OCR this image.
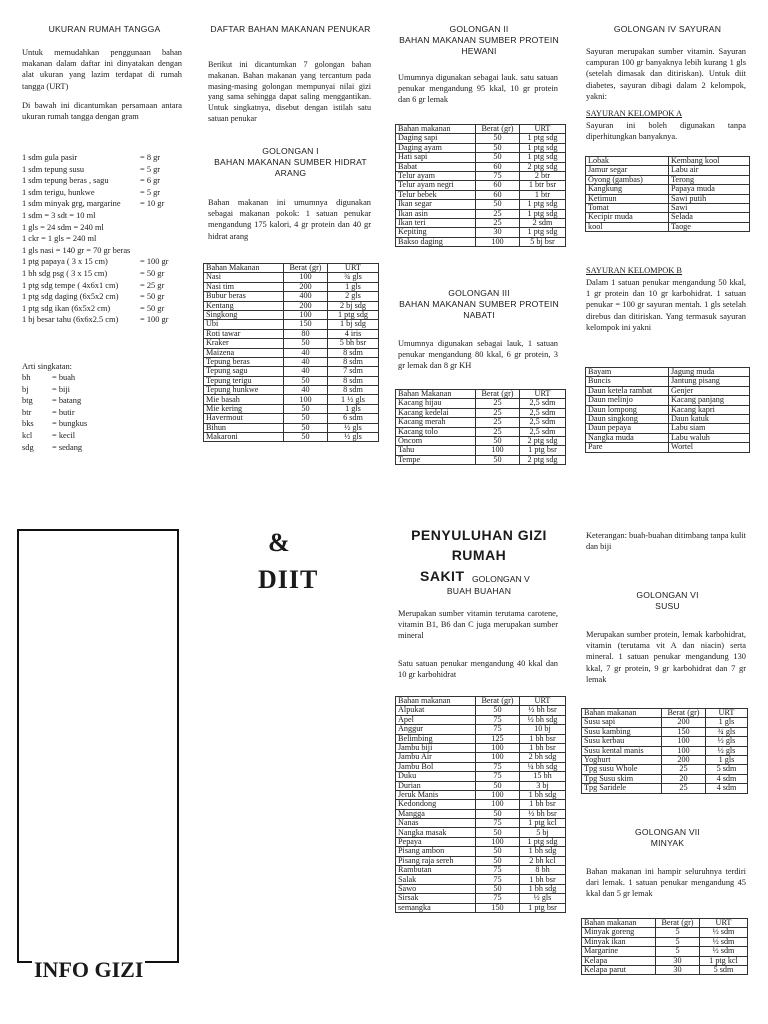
UKURAN RUMAH TANGGA
Untuk memudahkan penggunaan bahan makanan dalam daftar ini dinyatakan dengan alat ukuran yang lazim terdapat di rumah tangga (URT)
Di bawah ini dicantumkan persamaan antara ukuran rumah tangga dengan gram
1 sdm gula pasir	= 8 gr
1 sdm tepung susu	= 5 gr
1 sdm tepung beras , sagu	= 6 gr
1 sdm terigu, hunkwe	= 5 gr
1 sdm minyak grg, margarine	= 10 gr
1 sdm = 3 sdt = 10 ml
1 gls = 24 sdm = 240 ml
1 ckr = 1 gls = 240 ml
1 gls nasi = 140 gr = 70 gr beras
1 ptg papaya ( 3 x 15 cm)	= 100 gr
1 bh sdg psg ( 3 x 15 cm)	= 50 gr
1 ptg sdg tempe ( 4x6x1 cm)	= 25 gr
1 ptg sdg daging (6x5x2 cm)	= 50 gr
1 ptg sdg ikan (6x5x2 cm)	= 50 gr
1 bj besar tahu (6x6x2.5 cm)	= 100 gr
Arti singkatan:
bh	= buah
bj	= biji
btg	= batang
btr	= butir
bks	= bungkus
kcl	= kecil
sdg	= sedang
DAFTAR BAHAN MAKANAN PENUKAR
Berikut ini dicantumkan 7 golongan bahan makanan. Bahan makanan yang tercantum pada masing-masing golongan mempunyai nilai gizi yang sama sehingga dapat saling menggantikan. Untuk singkatnya, disebut dengan istilah satu satuan penukar
GOLONGAN I
BAHAN MAKANAN SUMBER HIDRAT ARANG
Bahan makanan ini umumnya digunakan sebagai makanan pokok: 1 satuan penukar mengandung 175 kalori, 4 gr protein dan 40 gr hidrat arang
Bahan Makanan	Berat (gr)	URT
Nasi	100	¾ gls
Nasi tim	200	1 gls
Bubur beras	400	2 gls
Kentang	200	2 bj sdg
Singkong	100	1 ptg sdg
Ubi	150	1 bj sdg
Roti tawar	80	4 iris
Kraker	50	5 bh bsr
Maizena	40	8 sdm
Tepung beras	40	8 sdm
Tepung sagu	40	7 sdm
Tepung terigu	50	8 sdm
Tepung hunkwe	40	8 sdm
Mie basah	100	1 ½ gls
Mie kering	50	1 gls
Havermout	50	6 sdm
Bihun	50	½ gls
Makaroni	50	½ gls
GOLONGAN II
BAHAN MAKANAN SUMBER PROTEIN HEWANI
Umumnya digunakan sebagai lauk. satu satuan penukar mengandung 95 kkal, 10 gr protein dan 6 gr lemak
Bahan makanan	Berat (gr)	URT
Daging sapi	50	1 ptg sdg
Daging ayam	50	1 ptg sdg
Hati sapi	50	1 ptg sdg
Babat	60	2 ptg sdg
Telur ayam	75	2 btr
Telur ayam negri	60	1 btr bsr
Telur bebek	60	1 btr
Ikan segar	50	1 ptg sdg
Ikan asin	25	1 ptg sdg
Ikan teri	25	2 sdm
Kepiting	30	1 ptg sdg
Bakso daging	100	5 bj bsr
GOLONGAN III
BAHAN MAKANAN SUMBER PROTEIN NABATI
Umumnya digunakan sebagai lauk, 1 satuan penukar mengandung 80 kkal, 6 gr protein, 3 gr lemak dan 8 gr KH
Bahan Makanan	Berat (gr)	URT
Kacang hijau	25	2,5 sdm
Kacang kedelai	25	2,5 sdm
Kacang merah	25	2,5 sdm
Kacang tolo	25	2,5 sdm
Oncom	50	2 ptg sdg
Tahu	100	1 ptg bsr
Tempe	50	2 ptg sdg
GOLONGAN IV SAYURAN
Sayuran merupakan sumber vitamin. Sayuran campuran 100 gr banyaknya lebih kurang 1 gls (setelah dimasak dan ditiriskan). Untuk diit diabetes, sayuran dibagi dalam 2 kelompok, yakni:
SAYURAN KELOMPOK A
Sayuran ini boleh digunakan tanpa diperhitungkan banyaknya.
Lobak	Kembang kool
Jamur segar	Labu air
Oyong (gambas)	Terong
Kangkung	Papaya muda
Ketimun	Sawi putih
Tomat	Sawi
Kecipir muda	Selada
kool	Taoge
SAYURAN KELOMPOK B
Dalam 1 satuan penukar mengandung 50 kkal, 1 gr protein dan 10 gr karbohidrat. 1 satuan penukar = 100 gr sayuran mentah. 1 gls setelah direbus dan ditiriskan. Yang termasuk sayuran kelompok ini yakni
Bayam	Jagung muda
Buncis	Jantung pisang
Daun ketela rambat	Genjer
Daun melinjo	Kacang panjang
Daun lompong	Kacang kapri
Daun singkong	Daun katuk
Daun pepaya	Labu siam
Nangka muda	Labu waluh
Pare	Wortel
&
DIIT
INFO GIZI
PENYULUHAN GIZI
RUMAH
SAKIT GOLONGAN V
BUAH BUAHAN
Merupakan sumber vitamin terutama carotene, vitamin B1, B6 dan C juga merupakan sumber mineral
Satu satuan penukar mengandung 40 kkal dan 10 gr karbohidrat
Bahan makanan	Berat (gr)	URT
Alpukat	50	½ bh bsr
Apel	75	½ bh sdg
Anggur	75	10 bj
Belimbing	125	1 bh bsr
Jambu biji	100	1 bh bsr
Jambu Air	100	2 bh sdg
Jambu Bol	75	¼ bh sdg
Duku	75	15 bh
Durian	50	3 bj
Jeruk Manis	100	1 bh sdg
Kedondong	100	1 bh bsr
Mangga	50	½ bh bsr
Nanas	75	1 ptg kcl
Nangka masak	50	5 bj
Pepaya	100	1 ptg sdg
Pisang ambon	50	1 bh sdg
Pisang raja sereh	50	2 bh kcl
Rambutan	75	8 bh
Salak	75	1 bh bsr
Sawo	50	1 bh sdg
Sirsak	75	½ gls
semangka	150	1 ptg bsr
Keterangan: buah-buahan ditimbang tanpa kulit dan biji
GOLONGAN VI
SUSU
Merupakan sumber protein, lemak karbohidrat, vitamin (terutama vit A dan niacin) serta mineral. 1 satuan penukar mengandung 130 kkal, 7 gr protein, 9 gr karbohidrat dan 7 gr lemak
Bahan makanan	Berat (gr)	URT
Susu sapi	200	1 gls
Susu kambing	150	¾ gls
Susu kerbau	100	½ gls
Susu kental manis	100	½ gls
Yoghurt	200	1 gls
Tpg susu Whole	25	5 sdm
Tpg Susu skim	20	4 sdm
Tpg Saridele	25	4 sdm
GOLONGAN VII
MINYAK
Bahan makanan ini hampir seluruhnya terdiri dari lemak. 1 satuan penukar mengandung 45 kkal dan 5 gr lemak
Bahan makanan	Berat (gr)	URT
Minyak goreng	5	½ sdm
Minyak ikan	5	½ sdm
Margarine	5	½ sdm
Kelapa	30	1 ptg kcl
Kelapa parut	30	5 sdm
